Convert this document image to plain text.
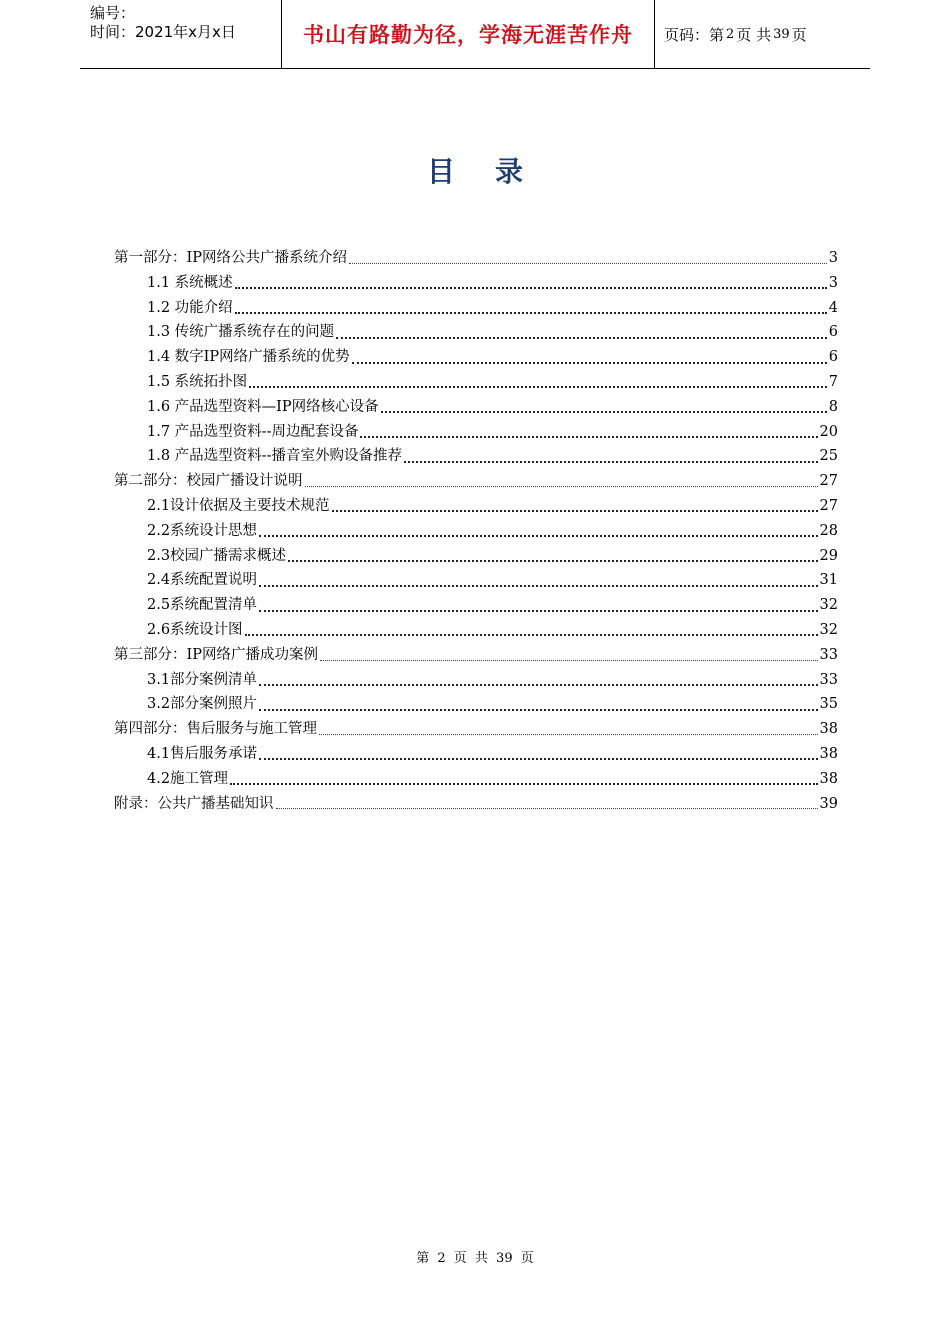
编号：
时间：2021年x月x日	书山有路勤为径，学海无涯苦作舟 页码：第 2 页 共 39 页
目录
第一部分：IP网络公共广播系统介绍	3
1.1 系统概述	3
1.2 功能介绍	4
1.3 传统广播系统存在的问题	6
1.4 数字IP网络广播系统的优势	6
1.5 系统拓扑图	7
1.6 产品选型资料—IP网络核心设备	8
1.7 产品选型资料--周边配套设备	20
1.8 产品选型资料--播音室外购设备推荐	25
第二部分：校园广播设计说明	27
2.1设计依据及主要技术规范	27
2.2系统设计思想	28
2.3校园广播需求概述	29
2.4系统配置说明	31
2.5系统配置清单	32
2.6系统设计图	32
第三部分：IP网络广播成功案例	33
3.1部分案例清单	33
3.2部分案例照片	35
第四部分：售后服务与施工管理	38
4.1售后服务承诺	38
4.2施工管理	38
附录：公共广播基础知识	39
第 2 页 共 39 页
